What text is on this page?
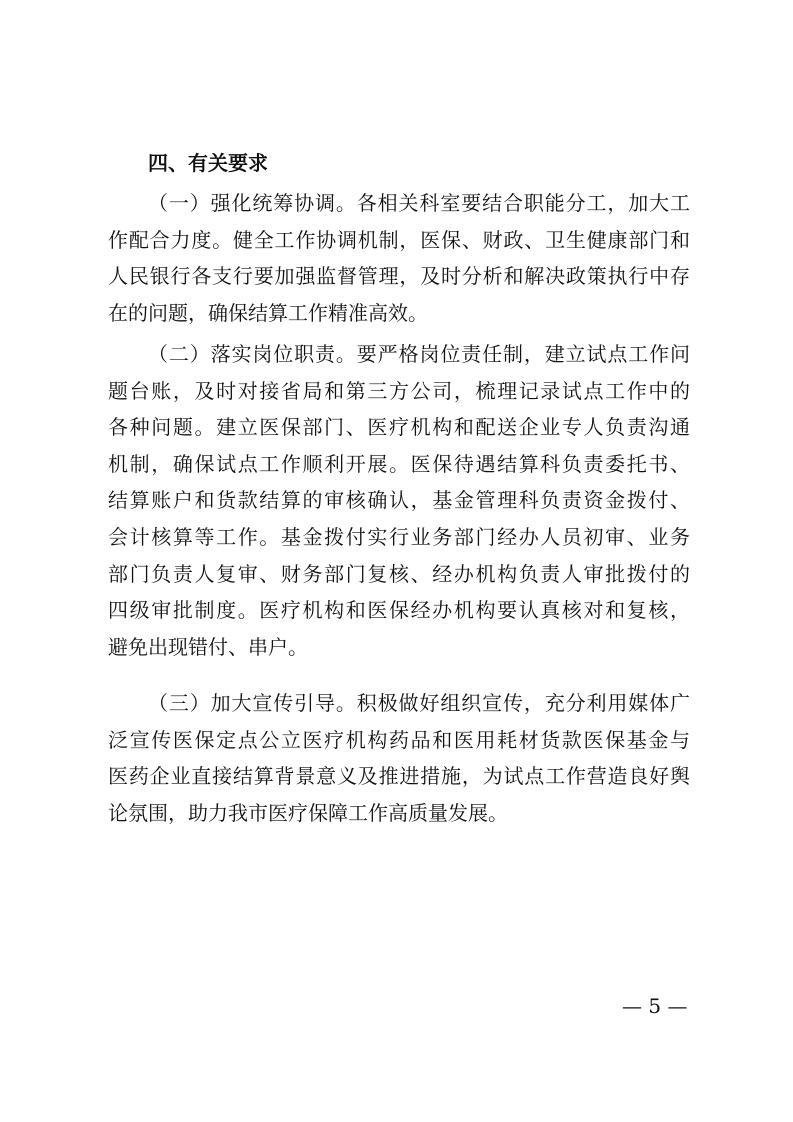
四、有关要求
（一）强化统筹协调。各相关科室要结合职能分工，加大工
作配合力度。健全工作协调机制，医保、财政、卫生健康部门和
人民银行各支行要加强监督管理，及时分析和解决政策执行中存
在的问题，确保结算工作精准高效。
（二）落实岗位职责。要严格岗位责任制，建立试点工作问
题台账，及时对接省局和第三方公司，梳理记录试点工作中的
各种问题。建立医保部门、医疗机构和配送企业专人负责沟通
机制，确保试点工作顺利开展。医保待遇结算科负责委托书、
结算账户和货款结算的审核确认，基金管理科负责资金拨付、
会计核算等工作。基金拨付实行业务部门经办人员初审、业务
部门负责人复审、财务部门复核、经办机构负责人审批拨付的
四级审批制度。医疗机构和医保经办机构要认真核对和复核，
避免出现错付、串户。
（三）加大宣传引导。积极做好组织宣传，充分利用媒体广
泛宣传医保定点公立医疗机构药品和医用耗材货款医保基金与
医药企业直接结算背景意义及推进措施，为试点工作营造良好舆
论氛围，助力我市医疗保障工作高质量发展。
— 5 —
